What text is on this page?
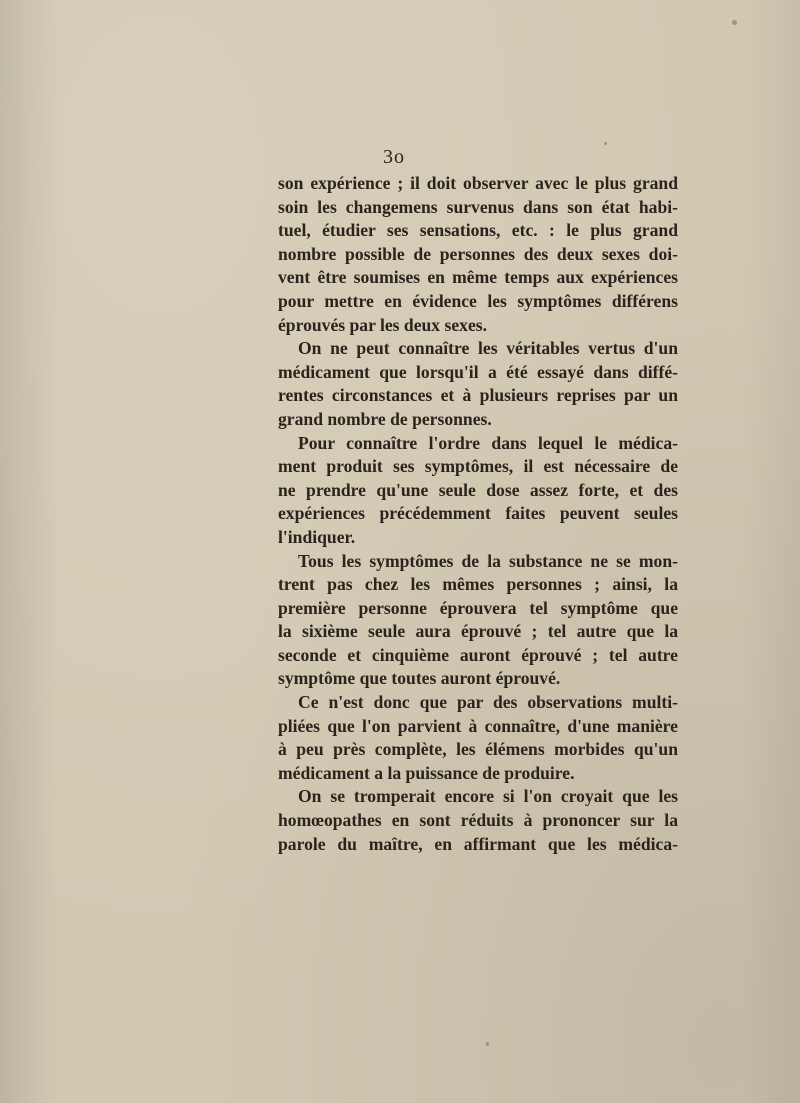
3o
son expérience ; il doit observer avec le plus grand
soin les changemens survenus dans son état habi-
tuel, étudier ses sensations, etc. : le plus grand
nombre possible de personnes des deux sexes doi-
vent être soumises en même temps aux expériences
pour mettre en évidence les symptômes différens
éprouvés par les deux sexes.
On ne peut connaître les véritables vertus d'un
médicament que lorsqu'il a été essayé dans diffé-
rentes circonstances et à plusieurs reprises par un
grand nombre de personnes.
Pour connaître l'ordre dans lequel le médica-
ment produit ses symptômes, il est nécessaire de
ne prendre qu'une seule dose assez forte, et des
expériences précédemment faites peuvent seules
l'indiquer.
Tous les symptômes de la substance ne se mon-
trent pas chez les mêmes personnes ; ainsi, la
première personne éprouvera tel symptôme que
la sixième seule aura éprouvé ; tel autre que la
seconde et cinquième auront éprouvé ; tel autre
symptôme que toutes auront éprouvé.
Ce n'est donc que par des observations multi-
pliées que l'on parvient à connaître, d'une manière
à peu près complète, les élémens morbides qu'un
médicament a la puissance de produire.
On se tromperait encore si l'on croyait que les
homœopathes en sont réduits à prononcer sur la
parole du maître, en affirmant que les médica-
